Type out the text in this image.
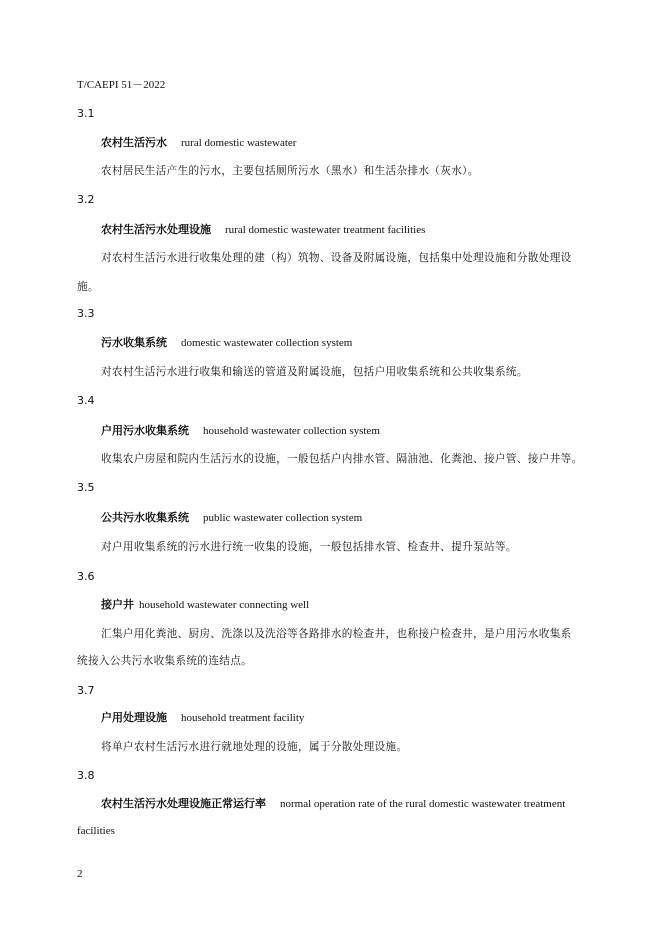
T/CAEPI 51－2022
3.1
农村生活污水 rural domestic wastewater
农村居民生活产生的污水，主要包括厕所污水（黑水）和生活杂排水（灰水）。
3.2
农村生活污水处理设施 rural domestic wastewater treatment facilities
对农村生活污水进行收集处理的建（构）筑物、设备及附属设施，包括集中处理设施和分散处理设
施。
3.3
污水收集系统 domestic wastewater collection system
对农村生活污水进行收集和输送的管道及附属设施，包括户用收集系统和公共收集系统。
3.4
户用污水收集系统 household wastewater collection system
收集农户房屋和院内生活污水的设施，一般包括户内排水管、隔油池、化粪池、接户管、接户井等。
3.5
公共污水收集系统 public wastewater collection system
对户用收集系统的污水进行统一收集的设施，一般包括排水管、检查井、提升泵站等。
3.6
接户井 household wastewater connecting well
汇集户用化粪池、厨房、洗涤以及洗浴等各路排水的检查井，也称接户检查井，是户用污水收集系
统接入公共污水收集系统的连结点。
3.7
户用处理设施 household treatment facility
将单户农村生活污水进行就地处理的设施，属于分散处理设施。
3.8
农村生活污水处理设施正常运行率 normal operation rate of the rural domestic wastewater treatment
facilities
2
